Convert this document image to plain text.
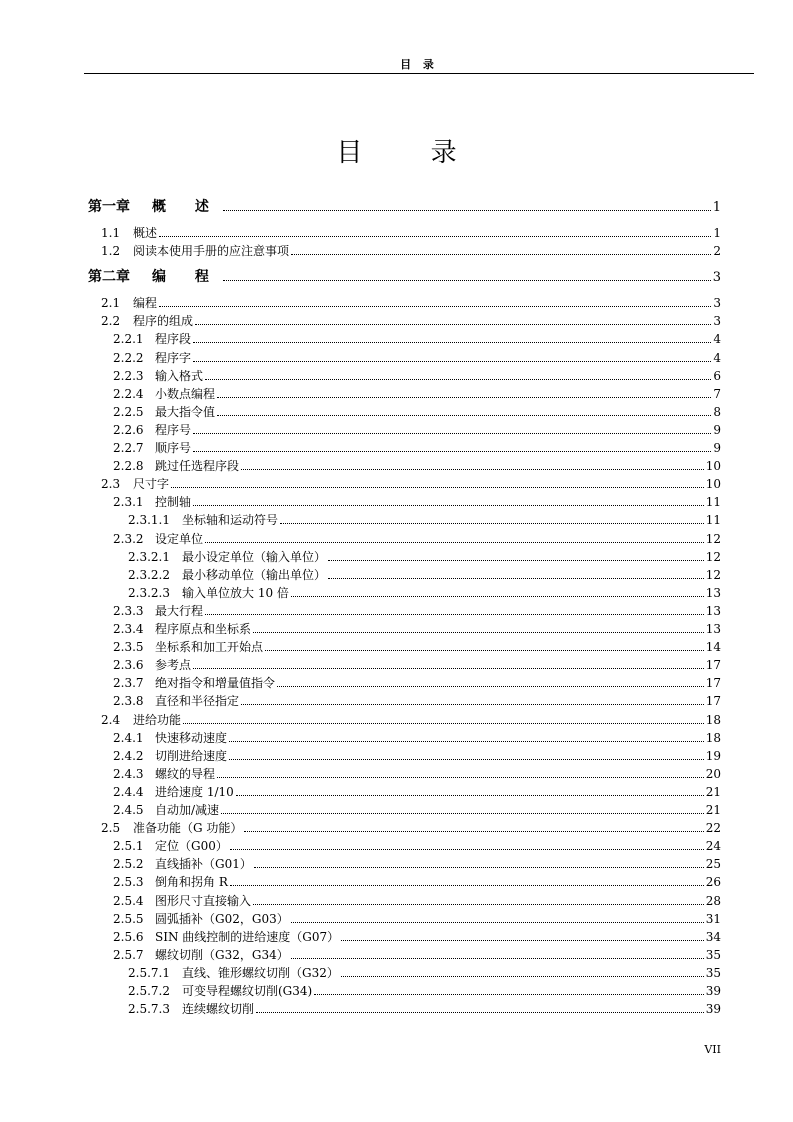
目 录
目 录
第一章	概 述	1
1.1	概述	1
1.2	阅读本使用手册的应注意事项	2
第二章	编 程	3
2.1	编程	3
2.2	程序的组成	3
2.2.1 程序段	4
2.2.2 程序字	4
2.2.3 输入格式	6
2.2.4 小数点编程	7
2.2.5 最大指令值	8
2.2.6 程序号	9
2.2.7 顺序号	9
2.2.8 跳过任选程序段	10
2.3	尺寸字	10
2.3.1 控制轴	11
2.3.1.1	坐标轴和运动符号	11
2.3.2 设定单位	12
2.3.2.1	最小设定单位（输入单位）	12
2.3.2.2	最小移动单位（输出单位）	12
2.3.2.3	输入单位放大 10 倍	13
2.3.3 最大行程	13
2.3.4 程序原点和坐标系	13
2.3.5 坐标系和加工开始点	14
2.3.6 参考点	17
2.3.7 绝对指令和增量值指令	17
2.3.8 直径和半径指定	17
2.4	进给功能	18
2.4.1 快速移动速度	18
2.4.2 切削进给速度	19
2.4.3 螺纹的导程	20
2.4.4 进给速度 1/10	21
2.4.5 自动加/减速	21
2.5	准备功能（G 功能）	22
2.5.1 定位（G00）	24
2.5.2 直线插补（G01）	25
2.5.3 倒角和拐角 R	26
2.5.4 图形尺寸直接输入	28
2.5.5 圆弧插补（G02，G03）	31
2.5.6 SIN 曲线控制的进给速度（G07）	34
2.5.7 螺纹切削（G32，G34）	35
2.5.7.1	直线、锥形螺纹切削（G32）	35
2.5.7.2	可变导程螺纹切削(G34)	39
2.5.7.3	连续螺纹切削	39
VII
